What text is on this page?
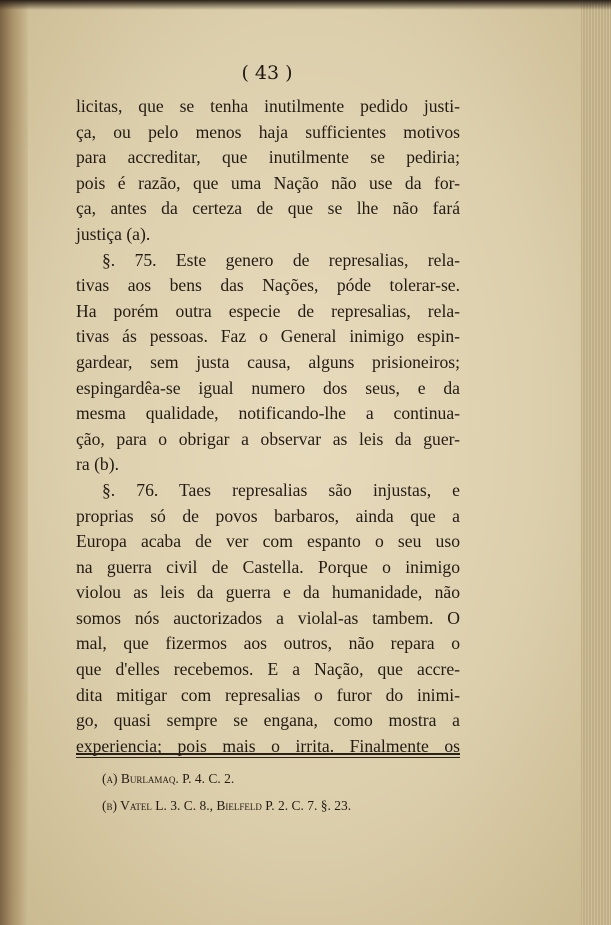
( 43 )
licitas, que se tenha inutilmente pedido justi-
ça, ou pelo menos haja sufficientes motivos
para accreditar, que inutilmente se pediria;
pois é razão, que uma Nação não use da for-
ça, antes da certeza de que se lhe não fará
justiça (a).
§. 75. Este genero de represalias, rela-
tivas aos bens das Nações, póde tolerar-se.
Ha porém outra especie de represalias, rela-
tivas ás pessoas. Faz o General inimigo espin-
gardear, sem justa causa, alguns prisioneiros;
espingardêa-se igual numero dos seus, e da
mesma qualidade, notificando-lhe a continua-
ção, para o obrigar a observar as leis da guer-
ra (b).
§. 76. Taes represalias são injustas, e
proprias só de povos barbaros, ainda que a
Europa acaba de ver com espanto o seu uso
na guerra civil de Castella. Porque o inimigo
violou as leis da guerra e da humanidade, não
somos nós auctorizados a violal-as tambem. O
mal, que fizermos aos outros, não repara o
que d'elles recebemos. E a Nação, que accre-
dita mitigar com represalias o furor do inimi-
go, quasi sempre se engana, como mostra a
experiencia; pois mais o irrita. Finalmente os
(a) Burlamaq. P. 4. C. 2.
(b) Vatel L. 3. C. 8., Bielfeld P. 2. C. 7. §. 23.
